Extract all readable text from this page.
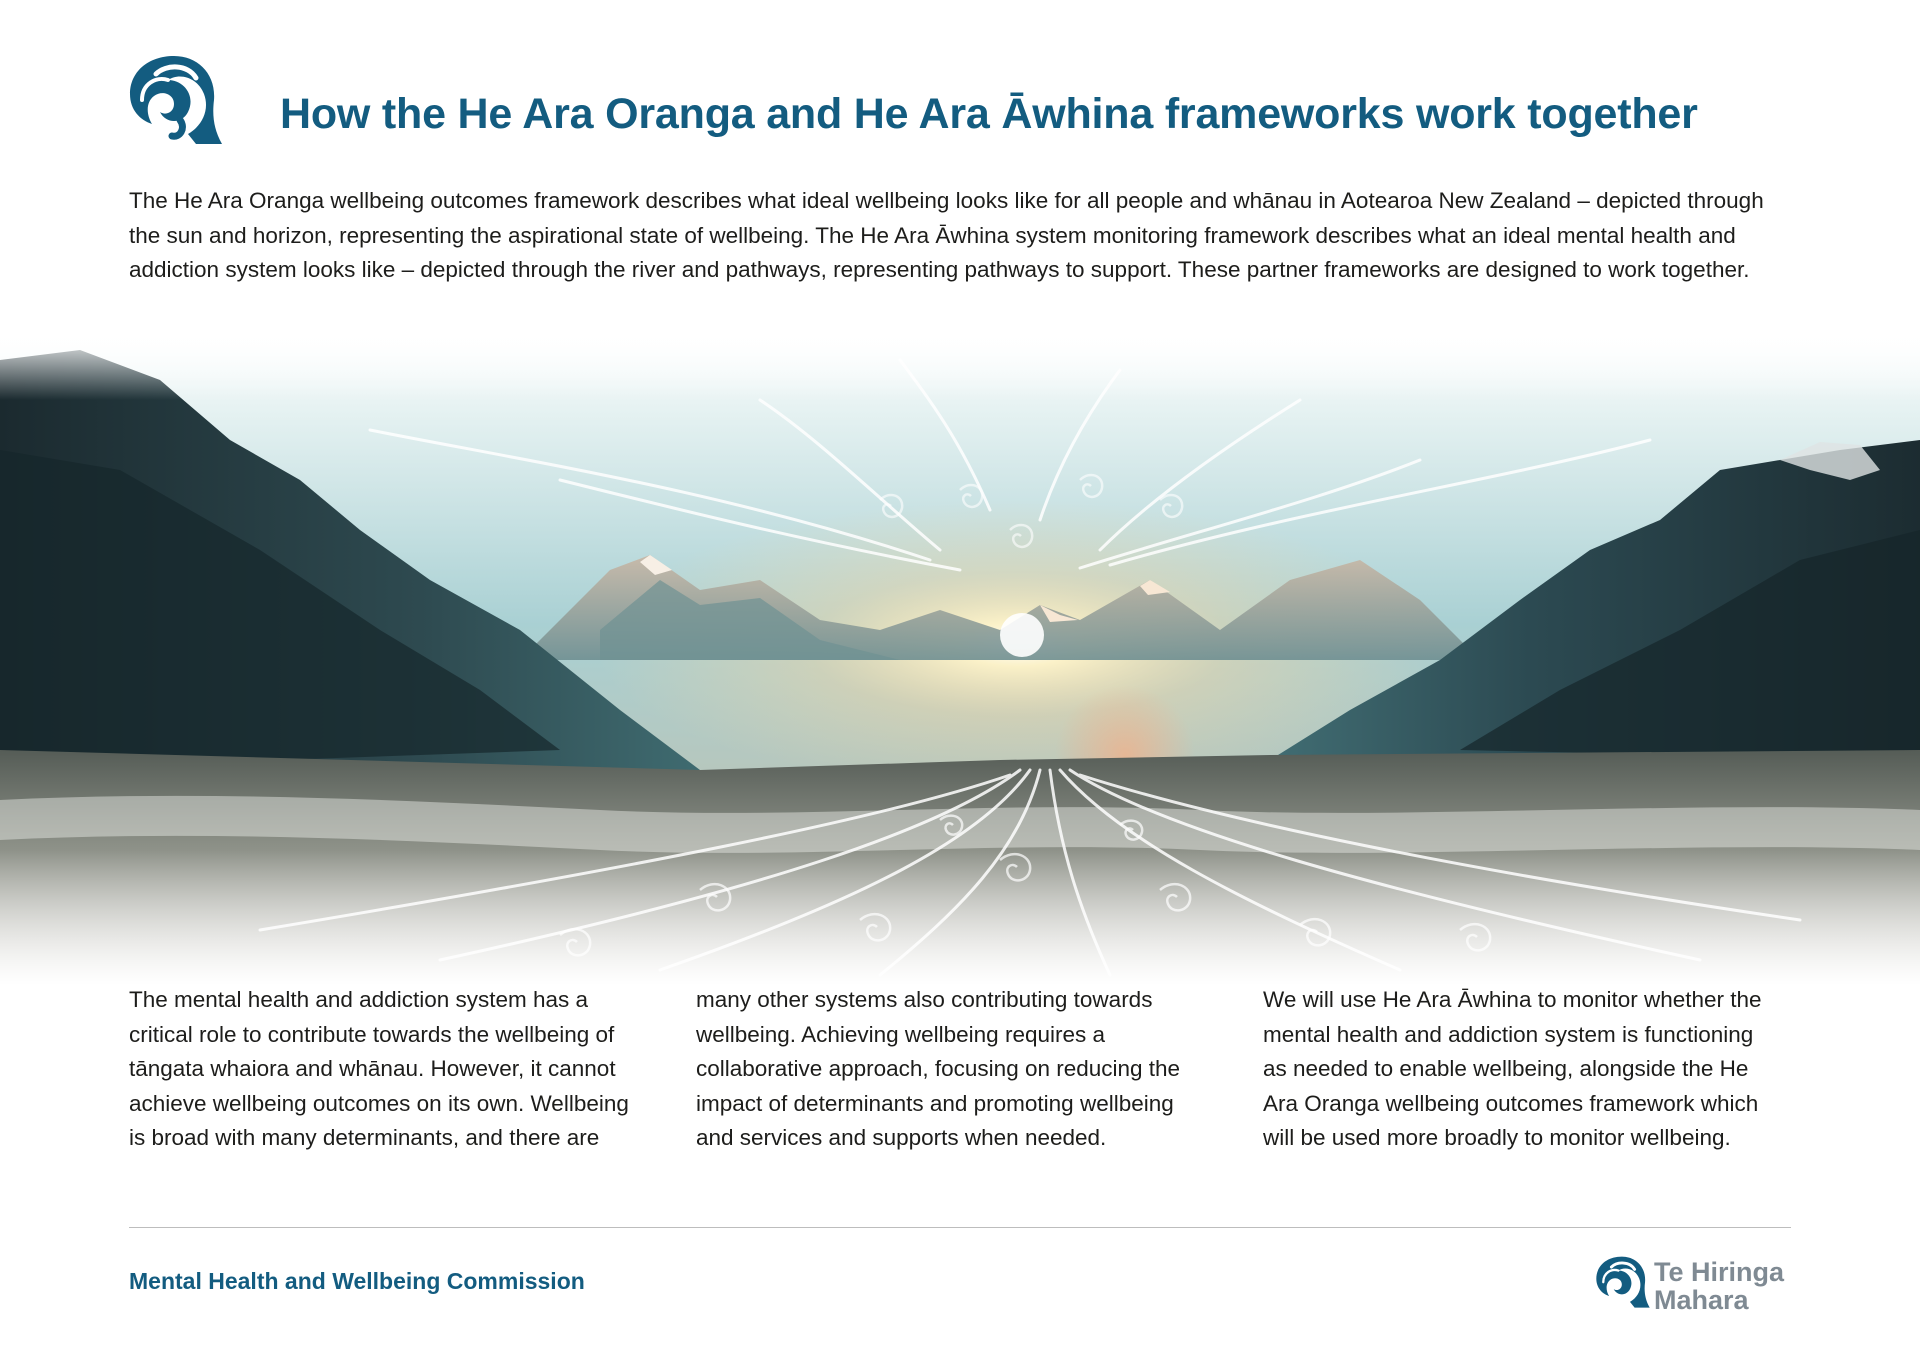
How the He Ara Oranga and He Ara Āwhina frameworks work together

The He Ara Oranga wellbeing outcomes framework describes what ideal wellbeing looks like for all people and whānau in Aotearoa New Zealand – depicted through the sun and horizon, representing the aspirational state of wellbeing. The He Ara Āwhina system monitoring framework describes what an ideal mental health and addiction system looks like – depicted through the river and pathways, representing pathways to support. These partner frameworks are designed to work together.

The mental health and addiction system has a critical role to contribute towards the wellbeing of tāngata whaiora and whānau. However, it cannot achieve wellbeing outcomes on its own. Wellbeing is broad with many determinants, and there are

many other systems also contributing towards wellbeing. Achieving wellbeing requires a collaborative approach, focusing on reducing the impact of determinants and promoting wellbeing and services and supports when needed.

We will use He Ara Āwhina to monitor whether the mental health and addiction system is functioning as needed to enable wellbeing, alongside the He Ara Oranga wellbeing outcomes framework which will be used more broadly to monitor wellbeing.

Mental Health and Wellbeing Commission	Te Hiringa
Mahara
